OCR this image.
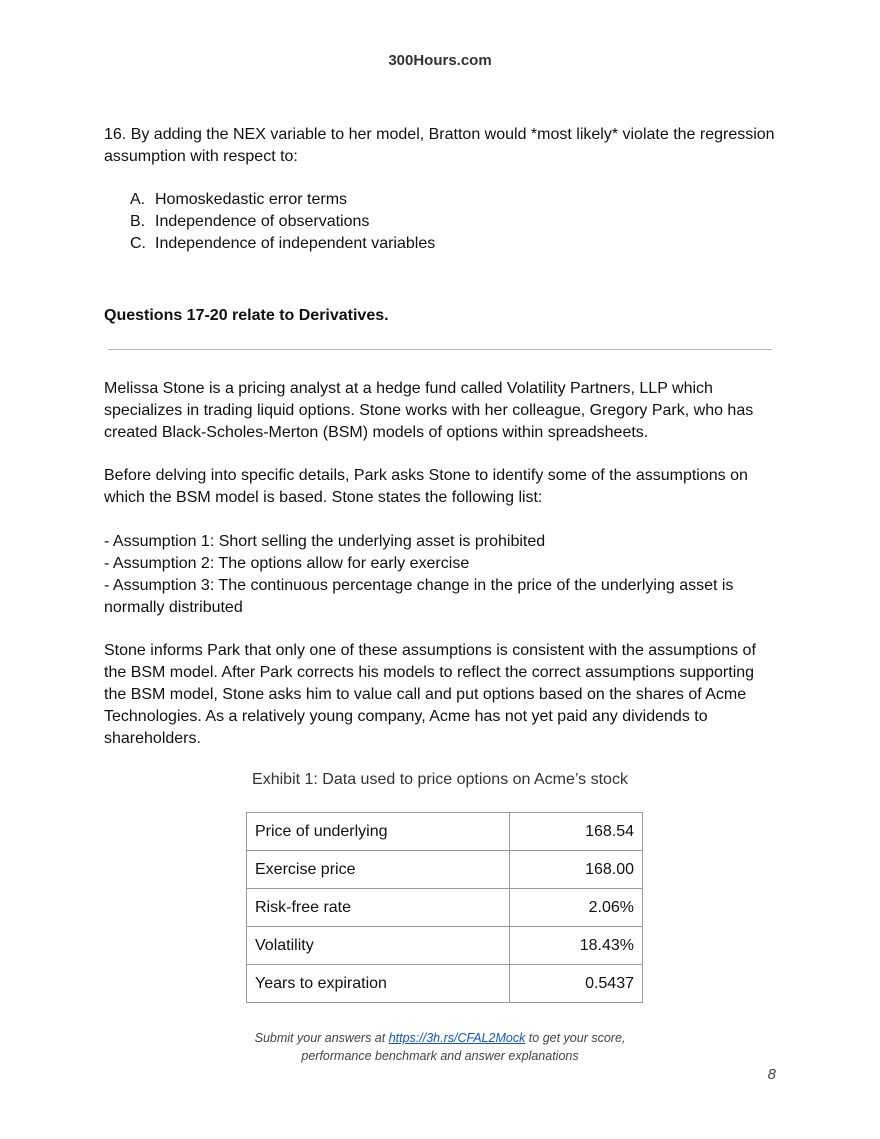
300Hours.com
16. By adding the NEX variable to her model, Bratton would *most likely* violate the regression assumption with respect to:
A. Homoskedastic error terms
B. Independence of observations
C. Independence of independent variables
Questions 17-20 relate to Derivatives.

Melissa Stone is a pricing analyst at a hedge fund called Volatility Partners, LLP which specializes in trading liquid options. Stone works with her colleague, Gregory Park, who has created Black-Scholes-Merton (BSM) models of options within spreadsheets.

Before delving into specific details, Park asks Stone to identify some of the assumptions on which the BSM model is based. Stone states the following list:

- Assumption 1: Short selling the underlying asset is prohibited
- Assumption 2: The options allow for early exercise
- Assumption 3: The continuous percentage change in the price of the underlying asset is normally distributed

Stone informs Park that only one of these assumptions is consistent with the assumptions of the BSM model. After Park corrects his models to reflect the correct assumptions supporting the BSM model, Stone asks him to value call and put options based on the shares of Acme Technologies. As a relatively young company, Acme has not yet paid any dividends to shareholders.

Exhibit 1: Data used to price options on Acme’s stock
Price of underlying	168.54
Exercise price	168.00
Risk-free rate	2.06%
Volatility	18.43%
Years to expiration	0.5437
Submit your answers at https://3h.rs/CFAL2Mock to get your score,
performance benchmark and answer explanations
8
